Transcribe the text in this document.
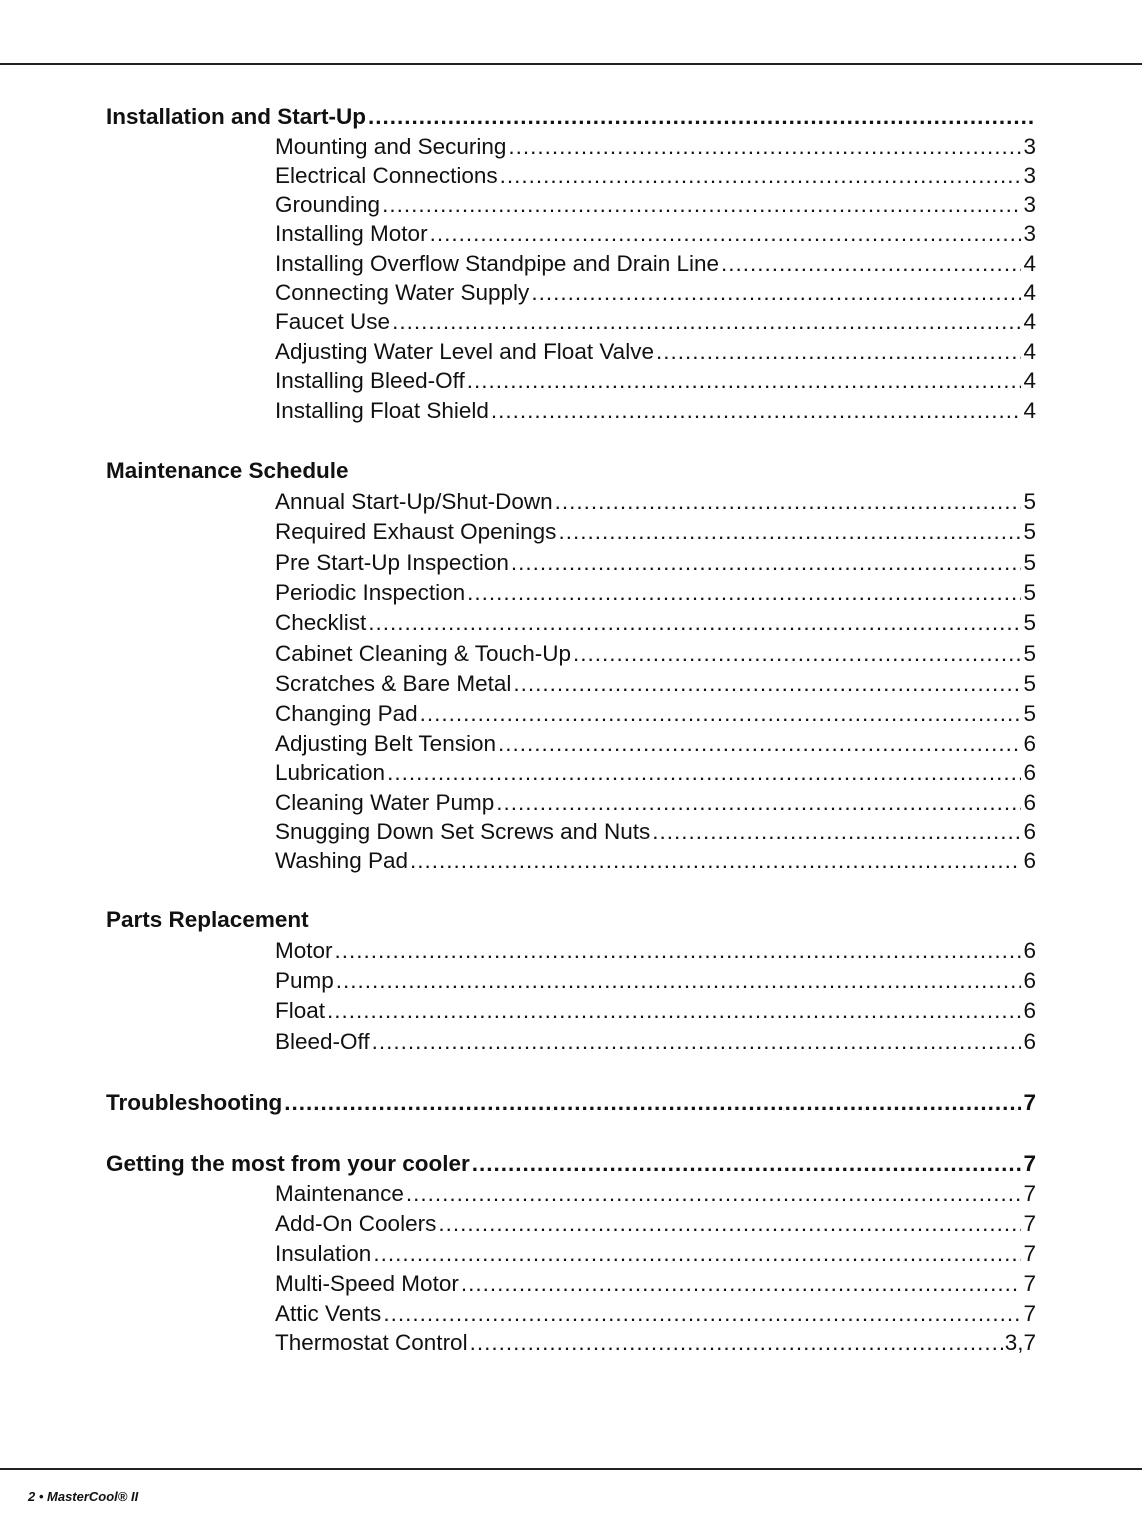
Installation and Start-Up
.....
Mounting and Securing .....	3
Electrical Connections .....	3
Grounding .....	3
Installing Motor .....	3
Installing Overflow Standpipe and Drain Line .....	4
Connecting Water Supply .....	4
Faucet Use .....	4
Adjusting Water Level and Float Valve .....	4
Installing Bleed-Off .....	4
Installing Float Shield .....	4
Maintenance Schedule
Annual Start-Up/Shut-Down .....	5
Required Exhaust Openings .....	5
Pre Start-Up Inspection .....	5
Periodic Inspection .....	5
Checklist .....	5
Cabinet Cleaning & Touch-Up .....	5
Scratches & Bare Metal .....	5
Changing Pad .....	5
Adjusting Belt Tension .....	6
Lubrication .....	6
Cleaning Water Pump .....	6
Snugging Down Set Screws and Nuts .....	6
Washing Pad .....	6
Parts Replacement
Motor .....	6
Pump .....	6
Float .....	6
Bleed-Off .....	6
Troubleshooting .....	7
Getting the most from your cooler .....	7
Maintenance .....	7
Add-On Coolers .....	7
Insulation .....	7
Multi-Speed Motor .....	7
Attic Vents .....	7
Thermostat Control .....	3,7
2 • MasterCool® II
